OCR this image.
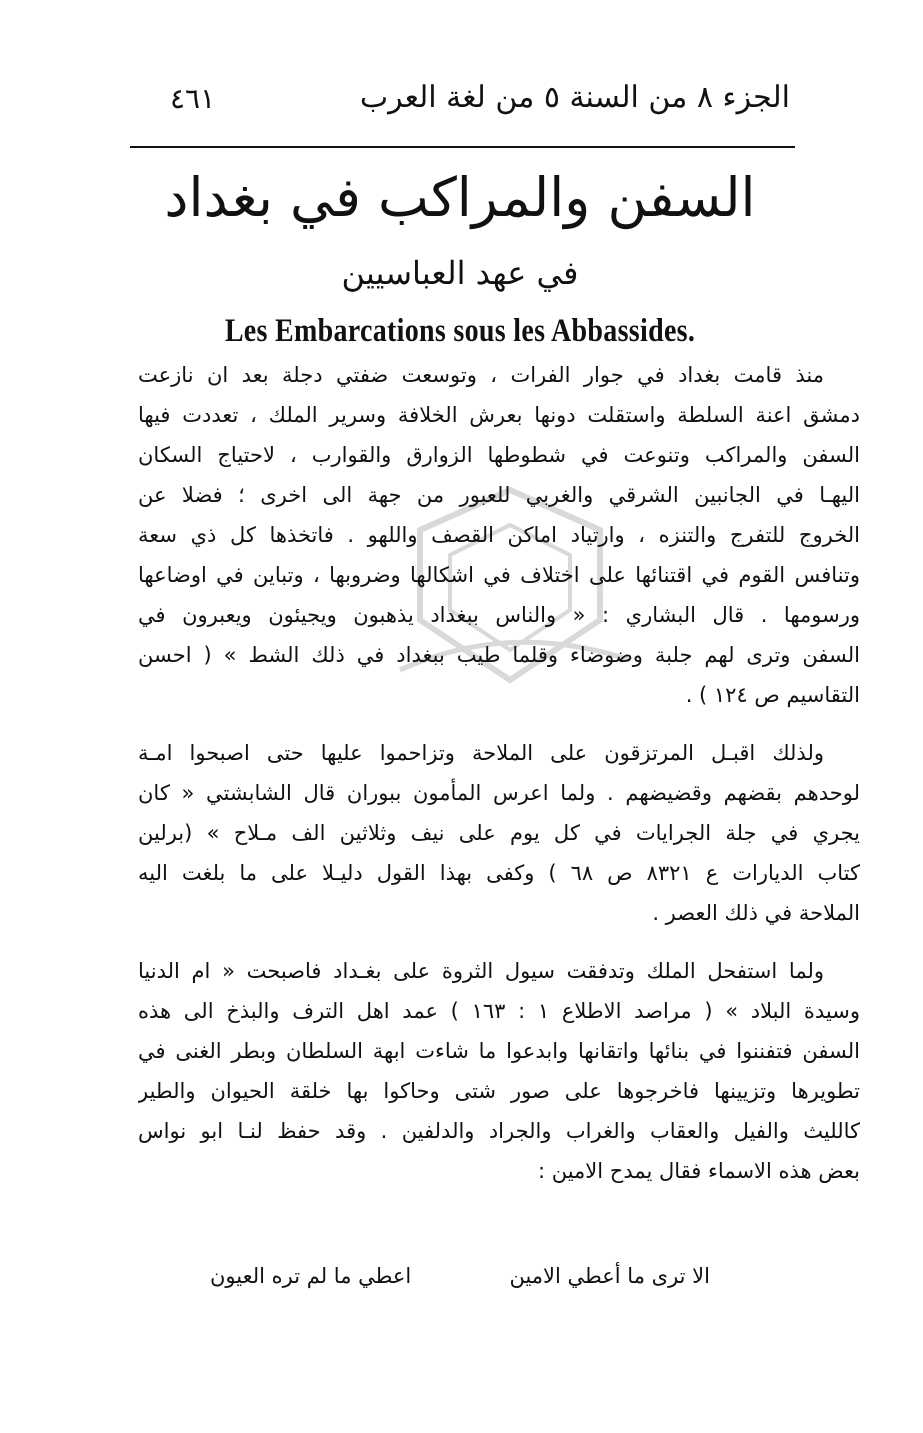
الجزء ٨ من السنة ٥ من لغة العرب
٤٦١
السفن والمراكب في بغداد
في عهد العباسيين
Les Embarcations sous les Abbassides.
منذ قامت بغداد في جوار الفرات ، وتوسعت ضفتي دجلة بعد ان نازعت
دمشق اعنة السلطة واستقلت دونها بعرش الخلافة وسرير الملك ، تعددت فيها
السفن والمراكب وتنوعت في شطوطها الزوارق والقوارب ، لاحتياج السكان
اليهـا في الجانبين الشرقي والغربي للعبور من جهة الى اخرى ؛ فضلا عن
الخروج للتفرج والتنزه ، وارتياد اماكن القصف واللهو . فاتخذها كل ذي سعة
وتنافس القوم في اقتنائها على اختلاف في اشكالها وضروبها ، وتباين في اوضاعها
ورسومها . قال البشاري : « والناس ببغداد يذهبون ويجيئون ويعبرون في
السفن وترى لهم جلبة وضوضاء وقلما طيب ببغداد في ذلك الشط » ( احسن
التقاسيم ص ١٢٤ ) .
ولذلك اقبـل المرتزقون على الملاحة وتزاحموا عليها حتى اصبحوا امـة
لوحدهم بقضهم وقضيضهم . ولما اعرس المأمون ببوران قال الشابشتي « كان
يجري في جلة الجرايات في كل يوم على نيف وثلاثين الف مـلاح » (برلين
كتاب الديارات ع ٨٣٢١ ص ٦٨ ) وكفى بهذا القول دليـلا على ما بلغت اليه
الملاحة في ذلك العصر .
ولما استفحل الملك وتدفقت سيول الثروة على بغـداد فاصبحت « ام الدنيا
وسيدة البلاد » ( مراصد الاطلاع ١ : ١٦٣ ) عمد اهل الترف والبذخ الى هذه
السفن فتفننوا في بنائها واتقانها وابدعوا ما شاءت ابهة السلطان وبطر الغنى في
تطويرها وتزيينها فاخرجوها على صور شتى وحاكوا بها خلقة الحيوان والطير
كالليث والفيل والعقاب والغراب والجراد والدلفين . وقد حفظ لنـا ابو نواس
بعض هذه الاسماء فقال يمدح الامين :
الا ترى ما أعطي الامين
اعطي ما لم تره العيون
